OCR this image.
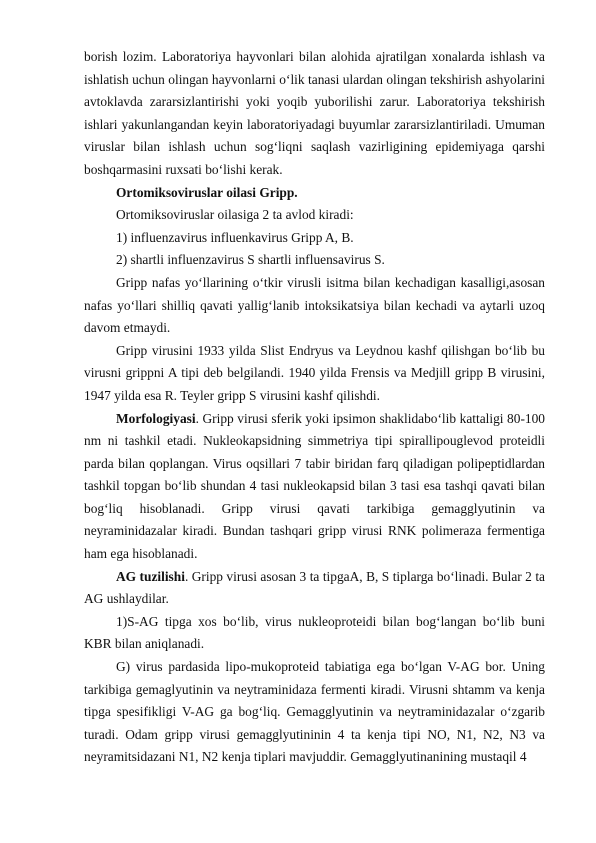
borish lozim. Laboratoriya hayvonlari bilan alohida ajratilgan xonalarda ishlash va ishlatish uchun olingan hayvonlarni o‘lik tanasi ulardan olingan tekshirish ashyolarini avtoklavda zararsizlantirishi yoki yoqib yuborilishi zarur. Laboratoriya tekshirish ishlari yakunlangandan keyin laboratoriyadagi buyumlar zararsizlantiriladi. Umuman viruslar bilan ishlash uchun sog‘liqni saqlash vazirligining epidemiyaga qarshi boshqarmasini ruxsati bo‘lishi kerak.

Ortomiksoviruslar oilasi Gripp.

Ortomiksoviruslar oilasiga 2 ta avlod kiradi:

1) influenzavirus influenkavirus Gripp A, B.

2) shartli influenzavirus S shartli influensavirus S.

Gripp nafas yo‘llarining o‘tkir virusli isitma bilan kechadigan kasalligi,asosan nafas yo‘llari shilliq qavati yallig‘lanib intoksikatsiya bilan kechadi va aytarli uzoq davom etmaydi.

Gripp virusini 1933 yilda Slist Endryus va Leydnou kashf qilishgan bo‘lib bu virusni grippni A tipi deb belgilandi. 1940 yilda Frensis va Medjill gripp B virusini, 1947 yilda esa R. Teyler gripp S virusini kashf qilishdi.

Morfologiyasi. Gripp virusi sferik yoki ipsimon shaklidabo‘lib kattaligi 80-100 nm ni tashkil etadi. Nukleokapsidning simmetriya tipi spirallipouglevod proteidli parda bilan qoplangan. Virus oqsillari 7 tabir biridan farq qiladigan polipeptidlardan tashkil topgan bo‘lib shundan 4 tasi nukleokapsid bilan 3 tasi esa tashqi qavati bilan bog‘liq hisoblanadi. Gripp virusi qavati tarkibiga gemagglyutinin va neyraminidazalar kiradi. Bundan tashqari gripp virusi RNK polimeraza fermentiga ham ega hisoblanadi.

AG tuzilishi. Gripp virusi asosan 3 ta tipgaA, B, S tiplarga bo‘linadi. Bular 2 ta AG ushlaydilar.

1)S-AG tipga xos bo‘lib, virus nukleoproteidi bilan bog‘langan bo‘lib buni KBR bilan aniqlanadi.

G) virus pardasida lipo-mukoproteid tabiatiga ega bo‘lgan V-AG bor. Uning tarkibiga gemaglyutinin va neytraminidaza fermenti kiradi. Virusni shtamm va kenja tipga spesifikligi V-AG ga bog‘liq. Gemagglyutinin va neytraminidazalar o‘zgarib turadi. Odam gripp virusi gemagglyutininin 4 ta kenja tipi NO, N1, N2, N3 va neyramitsidazani N1, N2 kenja tiplari mavjuddir. Gemagglyutinanining mustaqil 4
